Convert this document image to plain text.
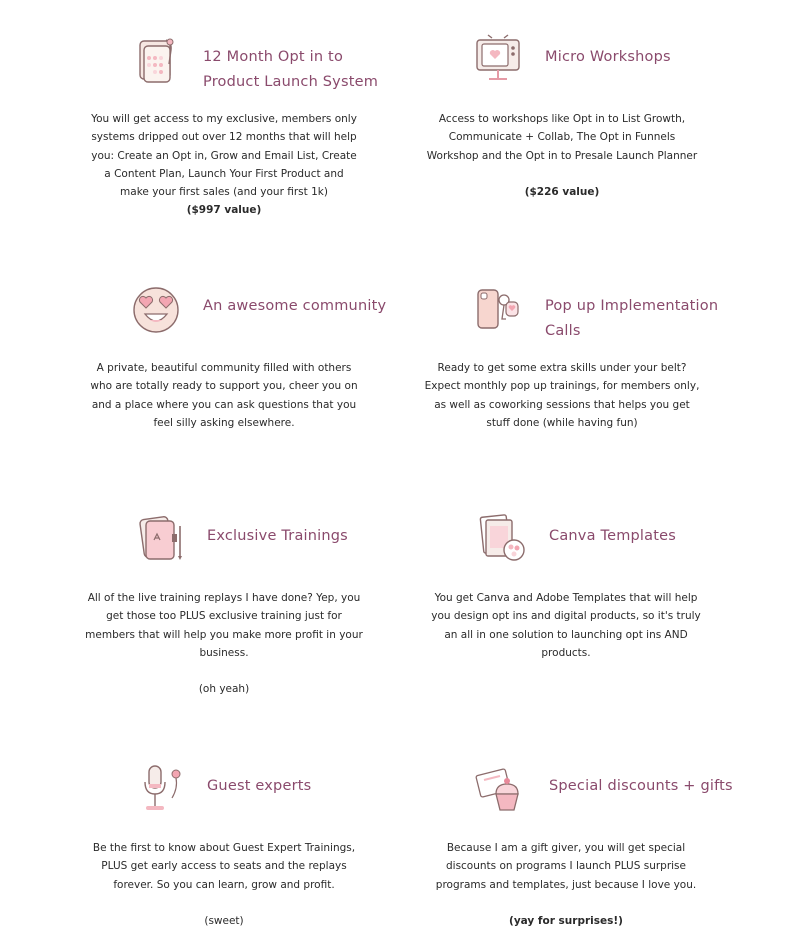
12 Month Opt in to
Product Launch System

You will get access to my exclusive, members only

systems dripped out over 12 months that will help

you: Create an Opt in, Grow and Email List, Create

a Content Plan, Launch Your First Product and

make your first sales (and your first 1k)

($997 value)

Micro Workshops

Access to workshops like Opt in to List Growth,

Communicate + Collab, The Opt in Funnels

Workshop and the Opt in to Presale Launch Planner

($226 value)

An awesome community

A private, beautiful community filled with others

who are totally ready to support you, cheer you on

and a place where you can ask questions that you

feel silly asking elsewhere.

Pop up Implementation
Calls

Ready to get some extra skills under your belt?

Expect monthly pop up trainings, for members only,

as well as coworking sessions that helps you get

stuff done (while having fun)

Exclusive Trainings

All of the live training replays I have done? Yep, you

get those too PLUS exclusive training just for

members that will help you make more profit in your

business.

(oh yeah)

Canva Templates

You get Canva and Adobe Templates that will help

you design opt ins and digital products, so it's truly

an all in one solution to launching opt ins AND

products.

Guest experts

Be the first to know about Guest Expert Trainings,

PLUS get early access to seats and the replays

forever. So you can learn, grow and profit.

(sweet)

Special discounts + gifts

Because I am a gift giver, you will get special

discounts on programs I launch PLUS surprise

programs and templates, just because I love you.

(yay for surprises!)
